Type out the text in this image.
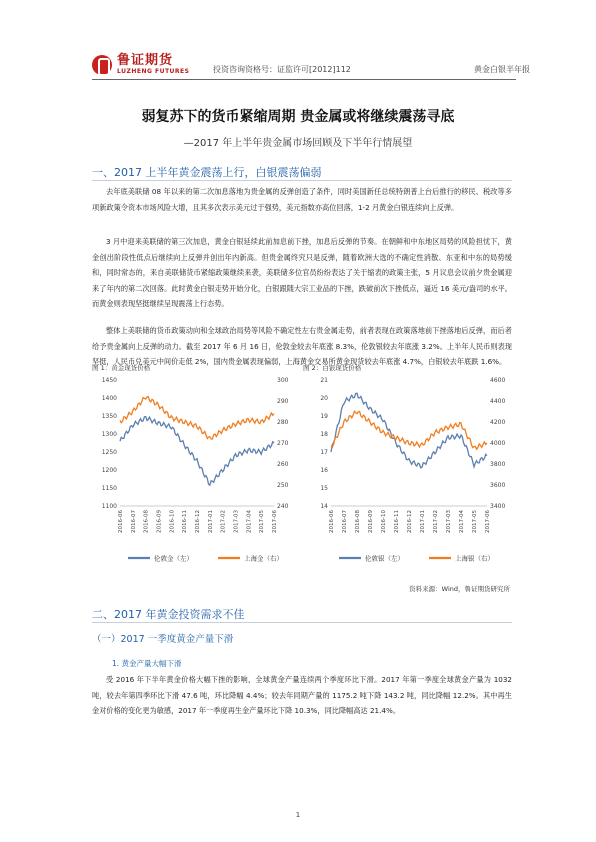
鲁证期货
LUZHENG FUTURES	投资咨询资格号：证监许可[2012]112	黄金白银半年报
弱复苏下的货币紧缩周期 贵金属或将继续震荡寻底
—2017 年上半年贵金属市场回顾及下半年行情展望
一、2017 上半年黄金震荡上行，白银震荡偏弱
去年底美联储 08 年以来的第二次加息落地为贵金属的反弹创造了条件，同时美国新任总统特朗普上台后推行的移民、税改等多项新政策令资本市场风险大增，且其多次表示美元过于强势，美元指数亦高位回落，1-2 月黄金白银连续向上反弹。
3 月中迎来美联储的第三次加息，黄金白银延续此前加息前下挫，加息后反弹的节奏。在朝鲜和中东地区局势的风险担忧下，黄金创出阶段性低点后继续向上反弹并创出年内新高。但贵金属终究只是反弹，随着欧洲大选的不确定性消散、东亚和中东的局势缓和，同时常态的，来自美联储货币紧缩政策继续来袭，美联储多位官员纷纷表达了关于缩表的政策主张，5 月议息会议前夕贵金属迎来了年内的第二次回落。此时黄金白银走势开始分化，白银跟随大宗工业品的下挫，跌破前次下挫低点，逼近 16 美元/盎司的水平。而黄金则表现坚挺继续呈现震荡上行态势。
整体上美联储的货币政策动向和全球政治局势等风险不确定性左右贵金属走势，前者表现在政策落地前下挫落地后反弹，而后者给予贵金属向上反弹的动力。截至 2017 年 6 月 16 日，伦敦金较去年底涨 8.3%，伦敦银较去年底涨 3.2%。上半年人民币则表现坚挺，人民币兑美元中间价走低 2%，国内贵金属表现偏弱，上海黄金交易所黄金现货较去年底涨 4.7%，白银较去年底跌 1.6%。
图 1：黄金现货价格	图 2：白银现货价格
1100
1150
1200
1250
1300
1350
1400
1450
240
250
260
270
280
290
300
2016-06 2016-07 2016-08 2016-09 2016-10 2016-11 2016-12 2017-01 2017-02 2017-03 2017-04 2017-05 2017-06
伦敦金（左）	上海金（右）
14
15
16
17
18
19
20
21
3400
3600
3800
4000
4200
4400
4600
2016-06 2016-07 2016-08 2016-09 2016-10 2016-11 2016-12 2017-01 2017-02 2017-03 2017-04 2017-05 2017-06
伦敦银（左）	上海银（右）
资料来源：Wind，鲁证期货研究所
二、2017 年黄金投资需求不佳
（一）2017 一季度黄金产量下滑
1. 黄金产量大幅下滑
受 2016 年下半年黄金价格大幅下挫的影响，全球黄金产量连续两个季度环比下滑。2017 年第一季度全球黄金产量为 1032 吨，较去年第四季环比下滑 47.6 吨，环比降幅 4.4%；较去年同期产量的 1175.2 吨下降 143.2 吨，同比降幅 12.2%。其中再生金对价格的变化更为敏感，2017 年一季度再生金产量环比下降 10.3%，同比降幅高达 21.4%。
1
